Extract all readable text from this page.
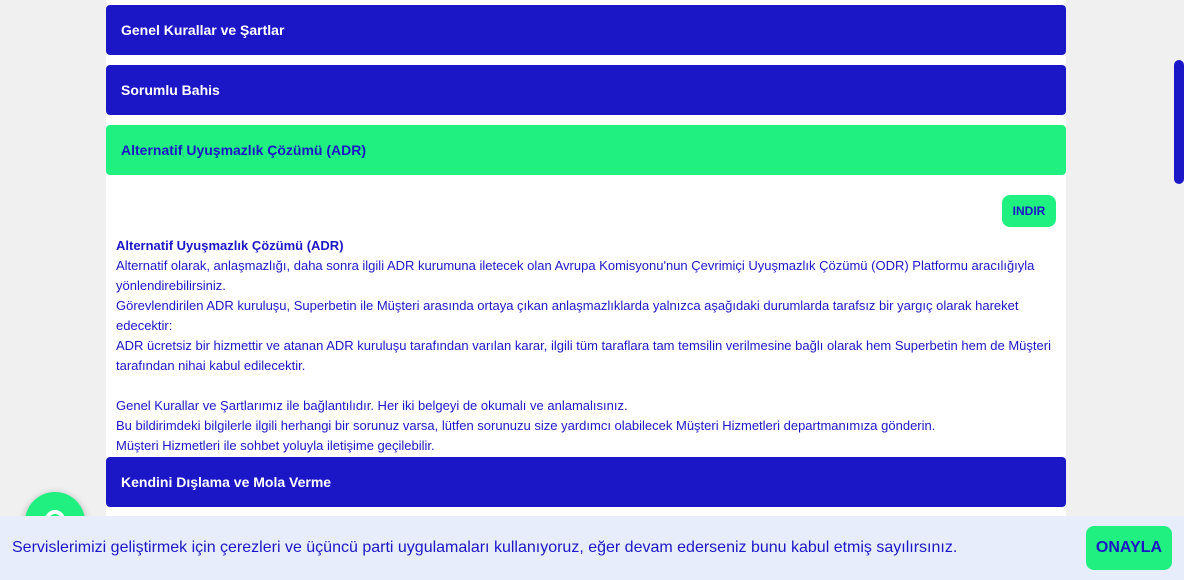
Genel Kurallar ve Şartlar
Sorumlu Bahis
Alternatif Uyuşmazlık Çözümü (ADR)
INDIR
Alternatif Uyuşmazlık Çözümü (ADR)
Alternatif olarak, anlaşmazlığı, daha sonra ilgili ADR kurumuna iletecek olan Avrupa Komisyonu'nun Çevrimiçi Uyuşmazlık Çözümü (ODR) Platformu aracılığıyla yönlendirebilirsiniz.
Görevlendirilen ADR kuruluşu, Superbetin ile Müşteri arasında ortaya çıkan anlaşmazlıklarda yalnızca aşağıdaki durumlarda tarafsız bir yargıç olarak hareket edecektir:
ADR ücretsiz bir hizmettir ve atanan ADR kuruluşu tarafından varılan karar, ilgili tüm taraflara tam temsilin verilmesine bağlı olarak hem Superbetin hem de Müşteri tarafından nihai kabul edilecektir.
Genel Kurallar ve Şartlarımız ile bağlantılıdır. Her iki belgeyi de okumalı ve anlamalısınız.
Bu bildirimdeki bilgilerle ilgili herhangi bir sorunuz varsa, lütfen sorunuzu size yardımcı olabilecek Müşteri Hizmetleri departmanımıza gönderin.
Müşteri Hizmetleri ile sohbet yoluyla iletişime geçilebilir.
Kendini Dışlama ve Mola Verme
Servislerimizi geliştirmek için çerezleri ve üçüncü parti uygulamaları kullanıyoruz, eğer devam ederseniz bunu kabul etmiş sayılırsınız.	ONAYLA
